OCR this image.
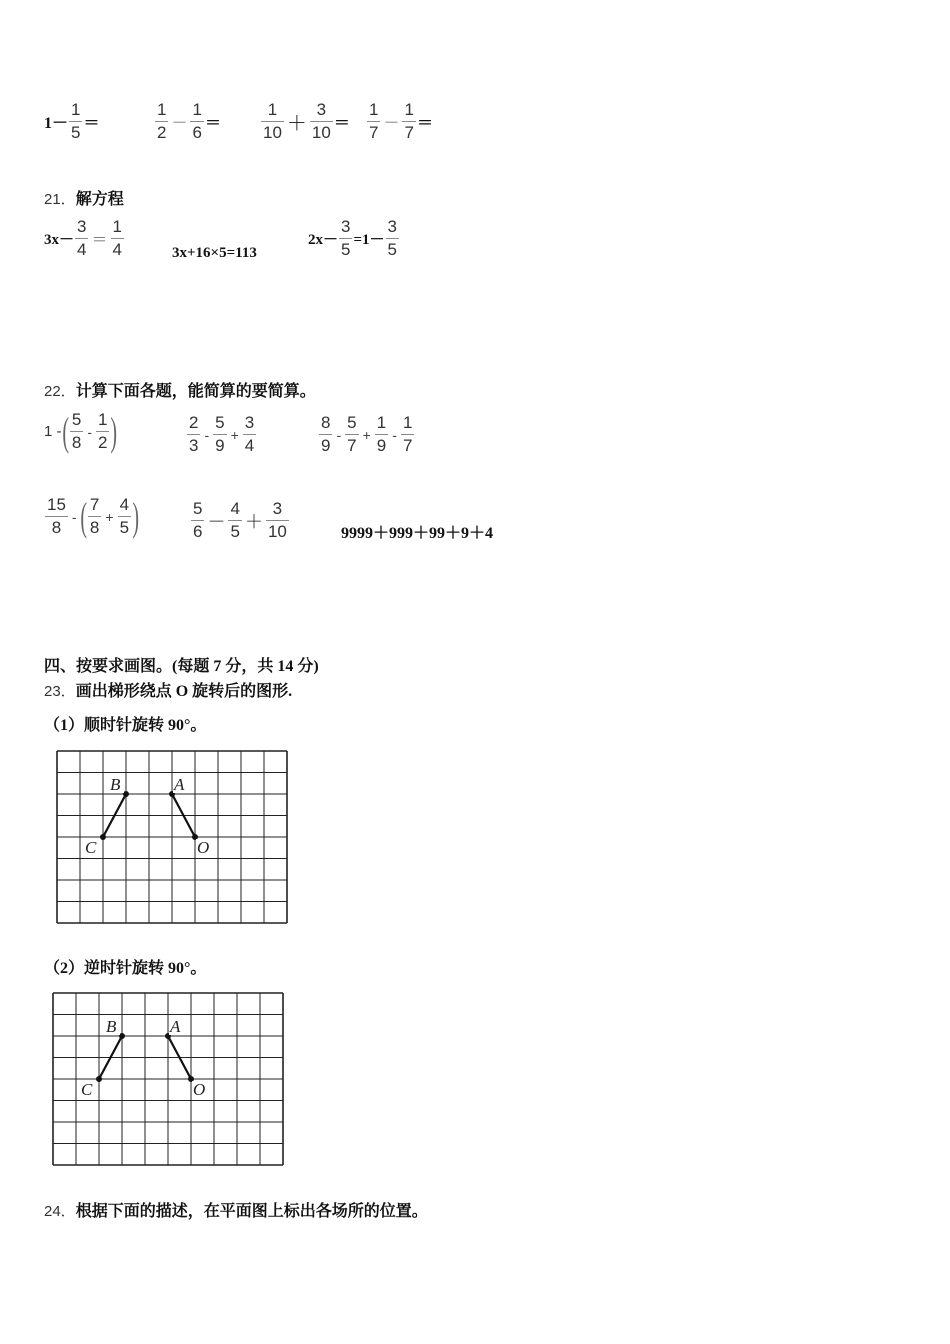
$1- \frac{1}{5}$ ＝	$\frac{1}{2} - \frac{1}{6} = \frac{1}{10} + \frac{3}{10} = \frac{1}{7} - \frac{1}{7}$ ＝
21．解方程
$3x- \frac{3}{4} = \frac{1}{4}$	3x+16×5=113
$2x- \frac{3}{5} =1- \frac{3}{5}$
22．计算下面各题，能简算的要简算。
1 - ( $\frac{5}{8} - \frac{1}{2}$ )	$\frac{2}{3} - \frac{5}{9} + \frac{3}{4}$	$\frac{8}{9} - \frac{5}{7} + \frac{1}{9} - \frac{1}{7}$
$\frac{15}{8}$ - ( $\frac{7}{8} + \frac{4}{5}$ )	$\frac{5}{6} - \frac{4}{5} + \frac{3}{10}$	9999＋999＋99＋9＋4
四、按要求画图。(每题 7 分，共 14 分)
23．画出梯形绕点 O 旋转后的图形.
（1）顺时针旋转 90°。
B	A
C	O
（2）逆时针旋转 90°。
B	A
C	O
24．根据下面的描述，在平面图上标出各场所的位置。
